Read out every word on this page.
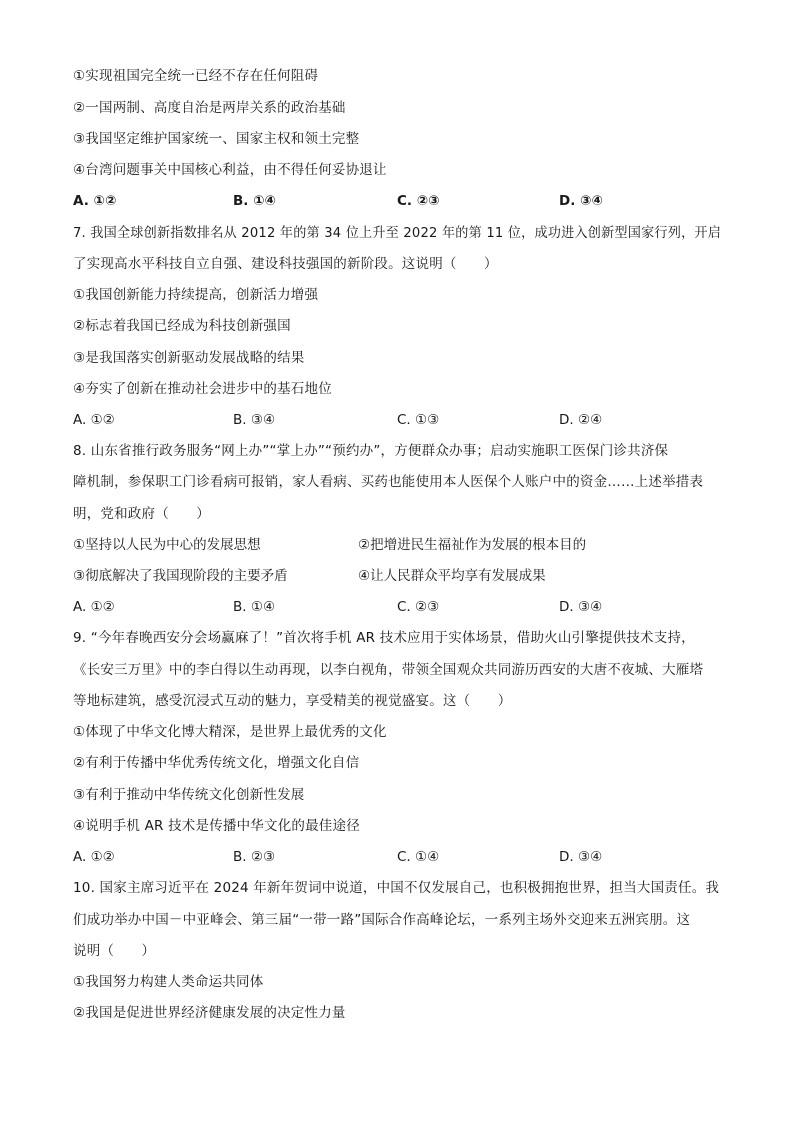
①实现祖国完全统一已经不存在任何阻碍
②一国两制、高度自治是两岸关系的政治基础
③我国坚定维护国家统一、国家主权和领土完整
④台湾问题事关中国核心利益，由不得任何妥协退让
A. ①②	B. ①④	C. ②③	D. ③④
7. 我国全球创新指数排名从 2012 年的第 34 位上升至 2022 年的第 11 位，成功进入创新型国家行列，开启
了实现高水平科技自立自强、建设科技强国的新阶段。这说明（　　）
①我国创新能力持续提高，创新活力增强
②标志着我国已经成为科技创新强国
③是我国落实创新驱动发展战略的结果
④夯实了创新在推动社会进步中的基石地位
A. ①②	B. ③④	C. ①③	D. ②④
8. 山东省推行政务服务“网上办”“掌上办”“预约办”，方便群众办事；启动实施职工医保门诊共济保
障机制，参保职工门诊看病可报销，家人看病、买药也能使用本人医保个人账户中的资金……上述举措表
明，党和政府（　　）
①坚持以人民为中心的发展思想	②把增进民生福祉作为发展的根本目的
③彻底解决了我国现阶段的主要矛盾	④让人民群众平均享有发展成果
A. ①②	B. ①④	C. ②③	D. ③④
9. “今年春晚西安分会场赢麻了！”首次将手机 AR 技术应用于实体场景，借助火山引擎提供技术支持，
《长安三万里》中的李白得以生动再现，以李白视角，带领全国观众共同游历西安的大唐不夜城、大雁塔
等地标建筑，感受沉浸式互动的魅力，享受精美的视觉盛宴。这（　　）
①体现了中华文化博大精深，是世界上最优秀的文化
②有利于传播中华优秀传统文化，增强文化自信
③有利于推动中华传统文化创新性发展
④说明手机 AR 技术是传播中华文化的最佳途径
A. ①②	B. ②③	C. ①④	D. ③④
10. 国家主席习近平在 2024 年新年贺词中说道，中国不仅发展自己，也积极拥抱世界，担当大国责任。我
们成功举办中国－中亚峰会、第三届“一带一路”国际合作高峰论坛，一系列主场外交迎来五洲宾朋。这
说明（　　）
①我国努力构建人类命运共同体
②我国是促进世界经济健康发展的决定性力量
